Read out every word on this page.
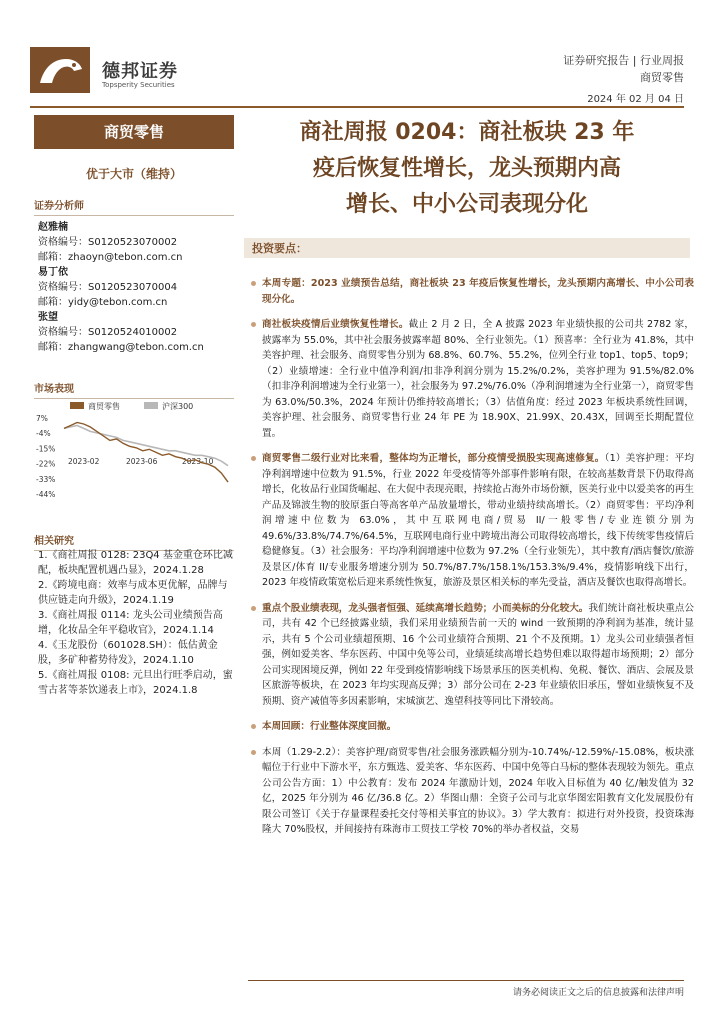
德邦证券
Topsperity Securities
证券研究报告 | 行业周报
商贸零售
2024 年 02 月 04 日
商贸零售
优于大市（维持）
证券分析师
赵雅楠
资格编号：S0120523070002
邮箱：zhaoyn@tebon.com.cn
易丁依
资格编号：S0120523070004
邮箱：yidy@tebon.com.cn
张望
资格编号：S0120524010002
邮箱：zhangwang@tebon.com.cn
市场表现
商贸零售	沪深300
7%
-4%
-15%
-22%
-33%
-44%
2023-02	2023-06	2023-10
相关研究
1.《商社周报 0128: 23Q4 基金重仓环比减配，板块配置机遇凸显》，2024.1.28
2.《跨境电商：效率与成本更优解，品牌与供应链走向升级》，2024.1.19
3.《商社周报 0114: 龙头公司业绩预告高增，化妆品全年平稳收官》，2024.1.14
4.《玉龙股份（601028.SH）：低估黄金股，多矿种蓄势待发》，2024.1.10
5.《商社周报 0108: 元旦出行旺季启动，蜜雪古茗等茶饮递表上市》，2024.1.8
商社周报 0204：商社板块 23 年
疫后恢复性增长，龙头预期内高
增长、中小公司表现分化
投资要点：
本周专题：2023 业绩预告总结，商社板块 23 年疫后恢复性增长，龙头预期内高增长、中小公司表现分化。
商社板块疫情后业绩恢复性增长。截止 2 月 2 日，全 A 披露 2023 年业绩快报的公司共 2782 家，披露率为 55.0%，其中社会服务披露率超 80%、全行业领先。（1）预喜率：全行业为 41.8%，其中美容护理、社会服务、商贸零售分别为 68.8%、60.7%、55.2%，位列全行业 top1、top5、top9；（2）业绩增速：全行业中值净利润/扣非净利润分别为 15.2%/0.2%，美容护理为 91.5%/82.0%（扣非净利润增速为全行业第一），社会服务为 97.2%/76.0%（净利润增速为全行业第一），商贸零售为 63.0%/50.3%，2024 年预计仍维持较高增长；（3）估值角度：经过 2023 年板块系统性回调，美容护理、社会服务、商贸零售行业 24 年 PE 为 18.90X、21.99X、20.43X，回调至长期配置位置。
商贸零售二级行业对比来看，整体均为正增长，部分疫情受损股实现高速修复。（1）美容护理：平均净利润增速中位数为 91.5%，行业 2022 年受疫情等外部事件影响有限，在较高基数背景下仍取得高增长，化妆品行业国货崛起、在大促中表现亮眼，持续抢占海外市场份额，医美行业中以爱美客的再生产品及锦波生物的胶原蛋白等高客单产品放量增长，带动业绩持续高增长。（2）商贸零售：平均净利润增速中位数为 63.0%，其中互联网电商/贸易 II/一般零售/专业连锁分别为 49.6%/33.8%/74.7%/64.5%，互联网电商行业中跨境出海公司取得较高增长，线下传统零售疫情后稳健修复。（3）社会服务：平均净利润增速中位数为 97.2%（全行业领先），其中教育/酒店餐饮/旅游及景区/体育 II/专业服务增速分别为 50.7%/87.7%/158.1%/153.3%/9.4%，疫情影响线下出行，2023 年疫情政策宽松后迎来系统性恢复，旅游及景区相关标的率先受益，酒店及餐饮也取得高增长。
重点个股业绩表现，龙头强者恒强、延续高增长趋势；小而美标的分化较大。我们统计商社板块重点公司，共有 42 个已经披露业绩，我们采用业绩预告前一天的 wind 一致预期的净利润为基准，统计显示，共有 5 个公司业绩超预期、16 个公司业绩符合预期、21 个不及预期。1）龙头公司业绩强者恒强，例如爱美客、华东医药、中国中免等公司，业绩延续高增长趋势但难以取得超市场预期；2）部分公司实现困境反弹，例如 22 年受到疫情影响线下场景承压的医美机构、免税、餐饮、酒店、会展及景区旅游等板块，在 2023 年均实现高反弹；3）部分公司在 2-23 年业绩依旧承压，譬如业绩恢复不及预期、资产减值等多因素影响，宋城演艺、逸望科技等同比下滑较高。
本周回顾：行业整体深度回撤。
本周（1.29-2.2）：美容护理/商贸零售/社会服务涨跌幅分别为-10.74%/-12.59%/-15.08%，板块涨幅位于行业中下游水平，东方甄选、爱美客、华东医药、中国中免等白马标的整体表现较为领先。重点公司公告方面：1）中公教育：发布 2024 年激励计划，2024 年收入目标值为 40 亿/触发值为 32 亿，2025 年分别为 46 亿/36.8 亿。2）华图山鼎：全资子公司与北京华图宏阳教育文化发展股份有限公司签订《关于存量课程委托交付等相关事宜的协议》。3）学大教育：拟进行对外投资，投资珠海隆大 70%股权，并间接持有珠海市工贸技工学校 70%的举办者权益，交易
请务必阅读正文之后的信息披露和法律声明
